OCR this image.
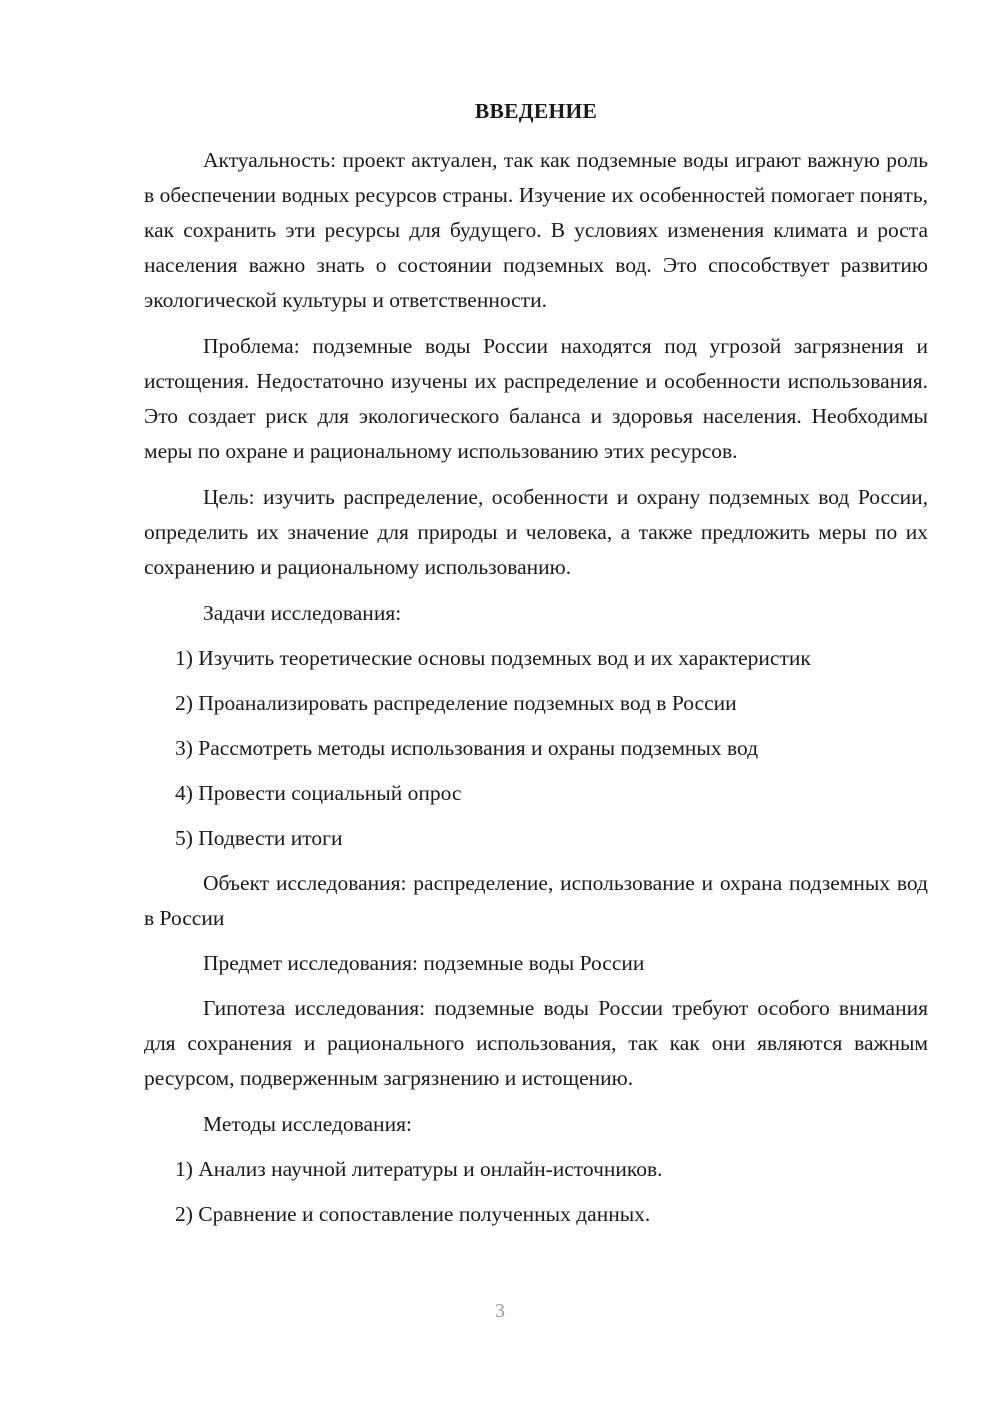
ВВЕДЕНИЕ

Актуальность: проект актуален, так как подземные воды играют важную роль в обеспечении водных ресурсов страны. Изучение их особенностей помогает понять, как сохранить эти ресурсы для будущего. В условиях изменения климата и роста населения важно знать о состоянии подземных вод. Это способствует развитию экологической культуры и ответственности.

Проблема: подземные воды России находятся под угрозой загрязнения и истощения. Недостаточно изучены их распределение и особенности использования. Это создает риск для экологического баланса и здоровья населения. Необходимы меры по охране и рациональному использованию этих ресурсов.

Цель: изучить распределение, особенности и охрану подземных вод России, определить их значение для природы и человека, а также предложить меры по их сохранению и рациональному использованию.

Задачи исследования:

1) Изучить теоретические основы подземных вод и их характеристик
2) Проанализировать распределение подземных вод в России
3) Рассмотреть методы использования и охраны подземных вод
4) Провести социальный опрос
5) Подвести итоги

Объект исследования: распределение, использование и охрана подземных вод в России

Предмет исследования: подземные воды России

Гипотеза исследования: подземные воды России требуют особого внимания для сохранения и рационального использования, так как они являются важным ресурсом, подверженным загрязнению и истощению.

Методы исследования:

1) Анализ научной литературы и онлайн-источников.
2) Сравнение и сопоставление полученных данных.
3
